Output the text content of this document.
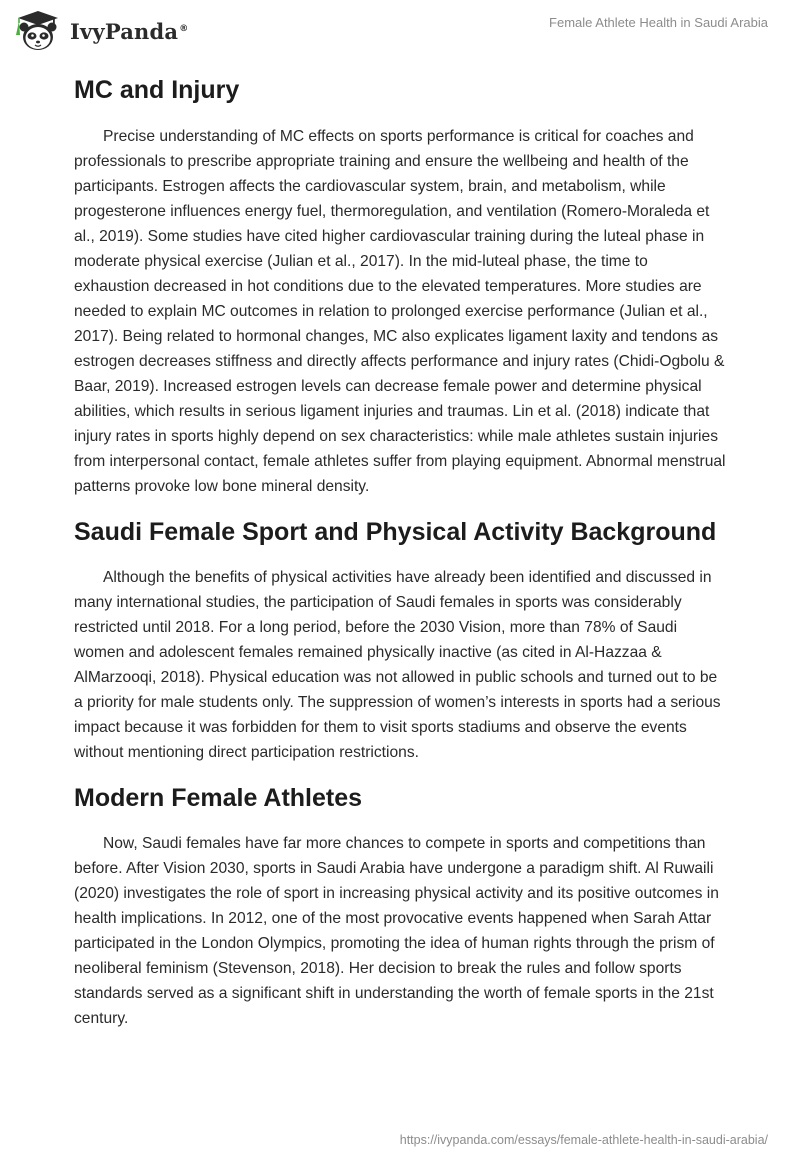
IvyPanda®	Female Athlete Health in Saudi Arabia
MC and Injury

Precise understanding of MC effects on sports performance is critical for coaches and professionals to prescribe appropriate training and ensure the wellbeing and health of the participants. Estrogen affects the cardiovascular system, brain, and metabolism, while progesterone influences energy fuel, thermoregulation, and ventilation (Romero-Moraleda et al., 2019). Some studies have cited higher cardiovascular training during the luteal phase in moderate physical exercise (Julian et al., 2017). In the mid-luteal phase, the time to exhaustion decreased in hot conditions due to the elevated temperatures. More studies are needed to explain MC outcomes in relation to prolonged exercise performance (Julian et al., 2017). Being related to hormonal changes, MC also explicates ligament laxity and tendons as estrogen decreases stiffness and directly affects performance and injury rates (Chidi-Ogbolu & Baar, 2019). Increased estrogen levels can decrease female power and determine physical abilities, which results in serious ligament injuries and traumas. Lin et al. (2018) indicate that injury rates in sports highly depend on sex characteristics: while male athletes sustain injuries from interpersonal contact, female athletes suffer from playing equipment. Abnormal menstrual patterns provoke low bone mineral density.

Saudi Female Sport and Physical Activity Background

Although the benefits of physical activities have already been identified and discussed in many international studies, the participation of Saudi females in sports was considerably restricted until 2018. For a long period, before the 2030 Vision, more than 78% of Saudi women and adolescent females remained physically inactive (as cited in Al-Hazzaa & AlMarzooqi, 2018). Physical education was not allowed in public schools and turned out to be a priority for male students only. The suppression of women’s interests in sports had a serious impact because it was forbidden for them to visit sports stadiums and observe the events without mentioning direct participation restrictions.

Modern Female Athletes

Now, Saudi females have far more chances to compete in sports and competitions than before. After Vision 2030, sports in Saudi Arabia have undergone a paradigm shift. Al Ruwaili (2020) investigates the role of sport in increasing physical activity and its positive outcomes in health implications. In 2012, one of the most provocative events happened when Sarah Attar participated in the London Olympics, promoting the idea of human rights through the prism of neoliberal feminism (Stevenson, 2018). Her decision to break the rules and follow sports standards served as a significant shift in understanding the worth of female sports in the 21st century.

https://ivypanda.com/essays/female-athlete-health-in-saudi-arabia/
